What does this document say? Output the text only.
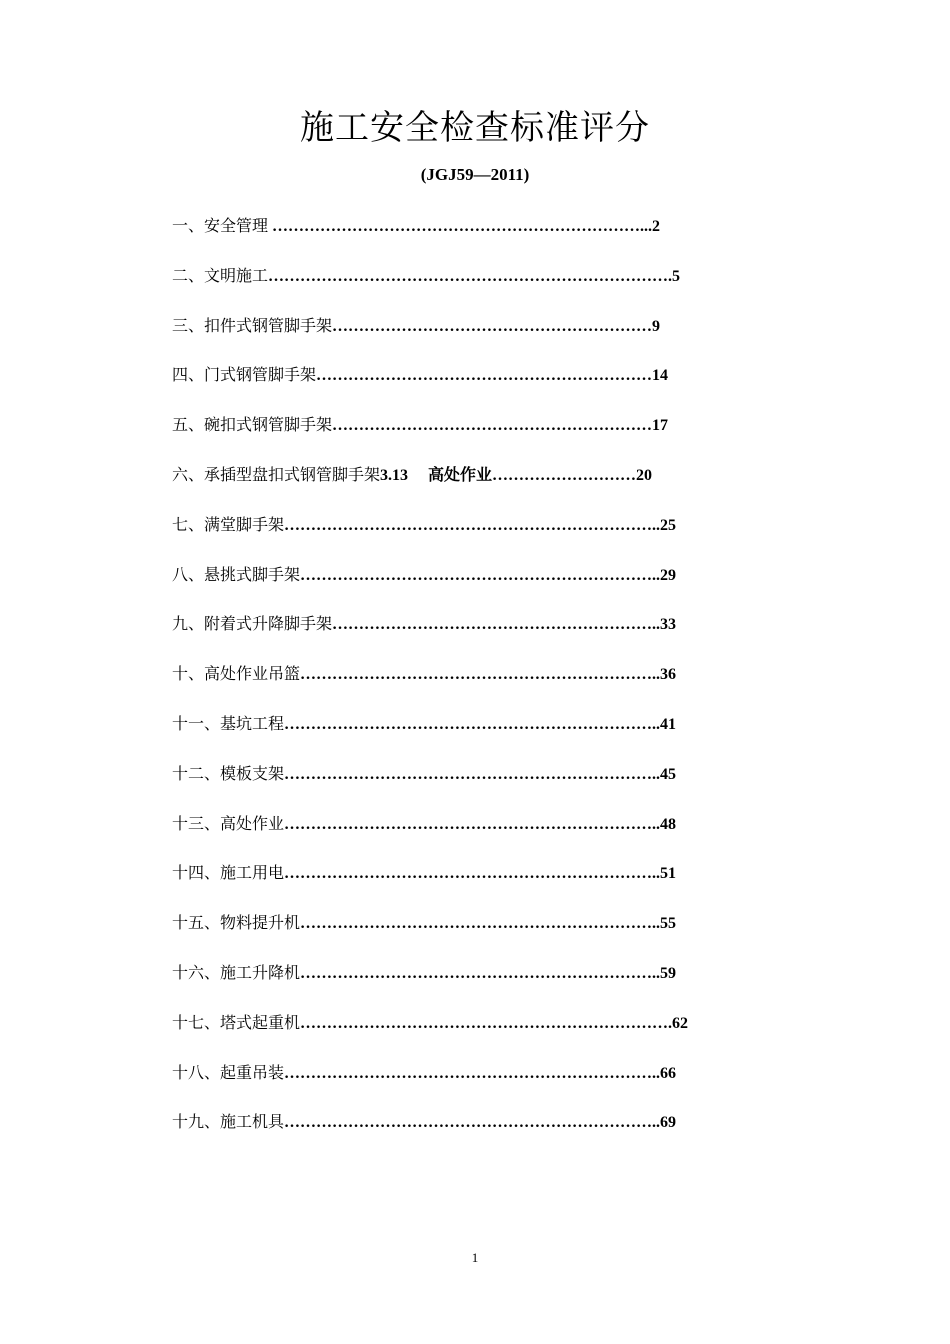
施工安全检查标准评分
(JGJ59—2011)
一、安全管理 ……………………………………………………………...2
二、文明施工………………………………………………………………….5
三、扣件式钢管脚手架……………………………………………………9
四、门式钢管脚手架………………………………………………………14
五、碗扣式钢管脚手架……………………………………………………17
六、承插型盘扣式钢管脚手架3.13　 高处作业………………………20
七、满堂脚手架……………………………………………………………..25
八、悬挑式脚手架…………………………………………………………..29
九、附着式升降脚手架……………………………………………………..33
十、高处作业吊篮…………………………………………………………..36
十一、基坑工程……………………………………………………………..41
十二、模板支架……………………………………………………………..45
十三、高处作业……………………………………………………………..48
十四、施工用电……………………………………………………………..51
十五、物料提升机…………………………………………………………..55
十六、施工升降机…………………………………………………………..59
十七、塔式起重机…………………………………………………………….62
十八、起重吊装……………………………………………………………..66
十九、施工机具……………………………………………………………..69
1
